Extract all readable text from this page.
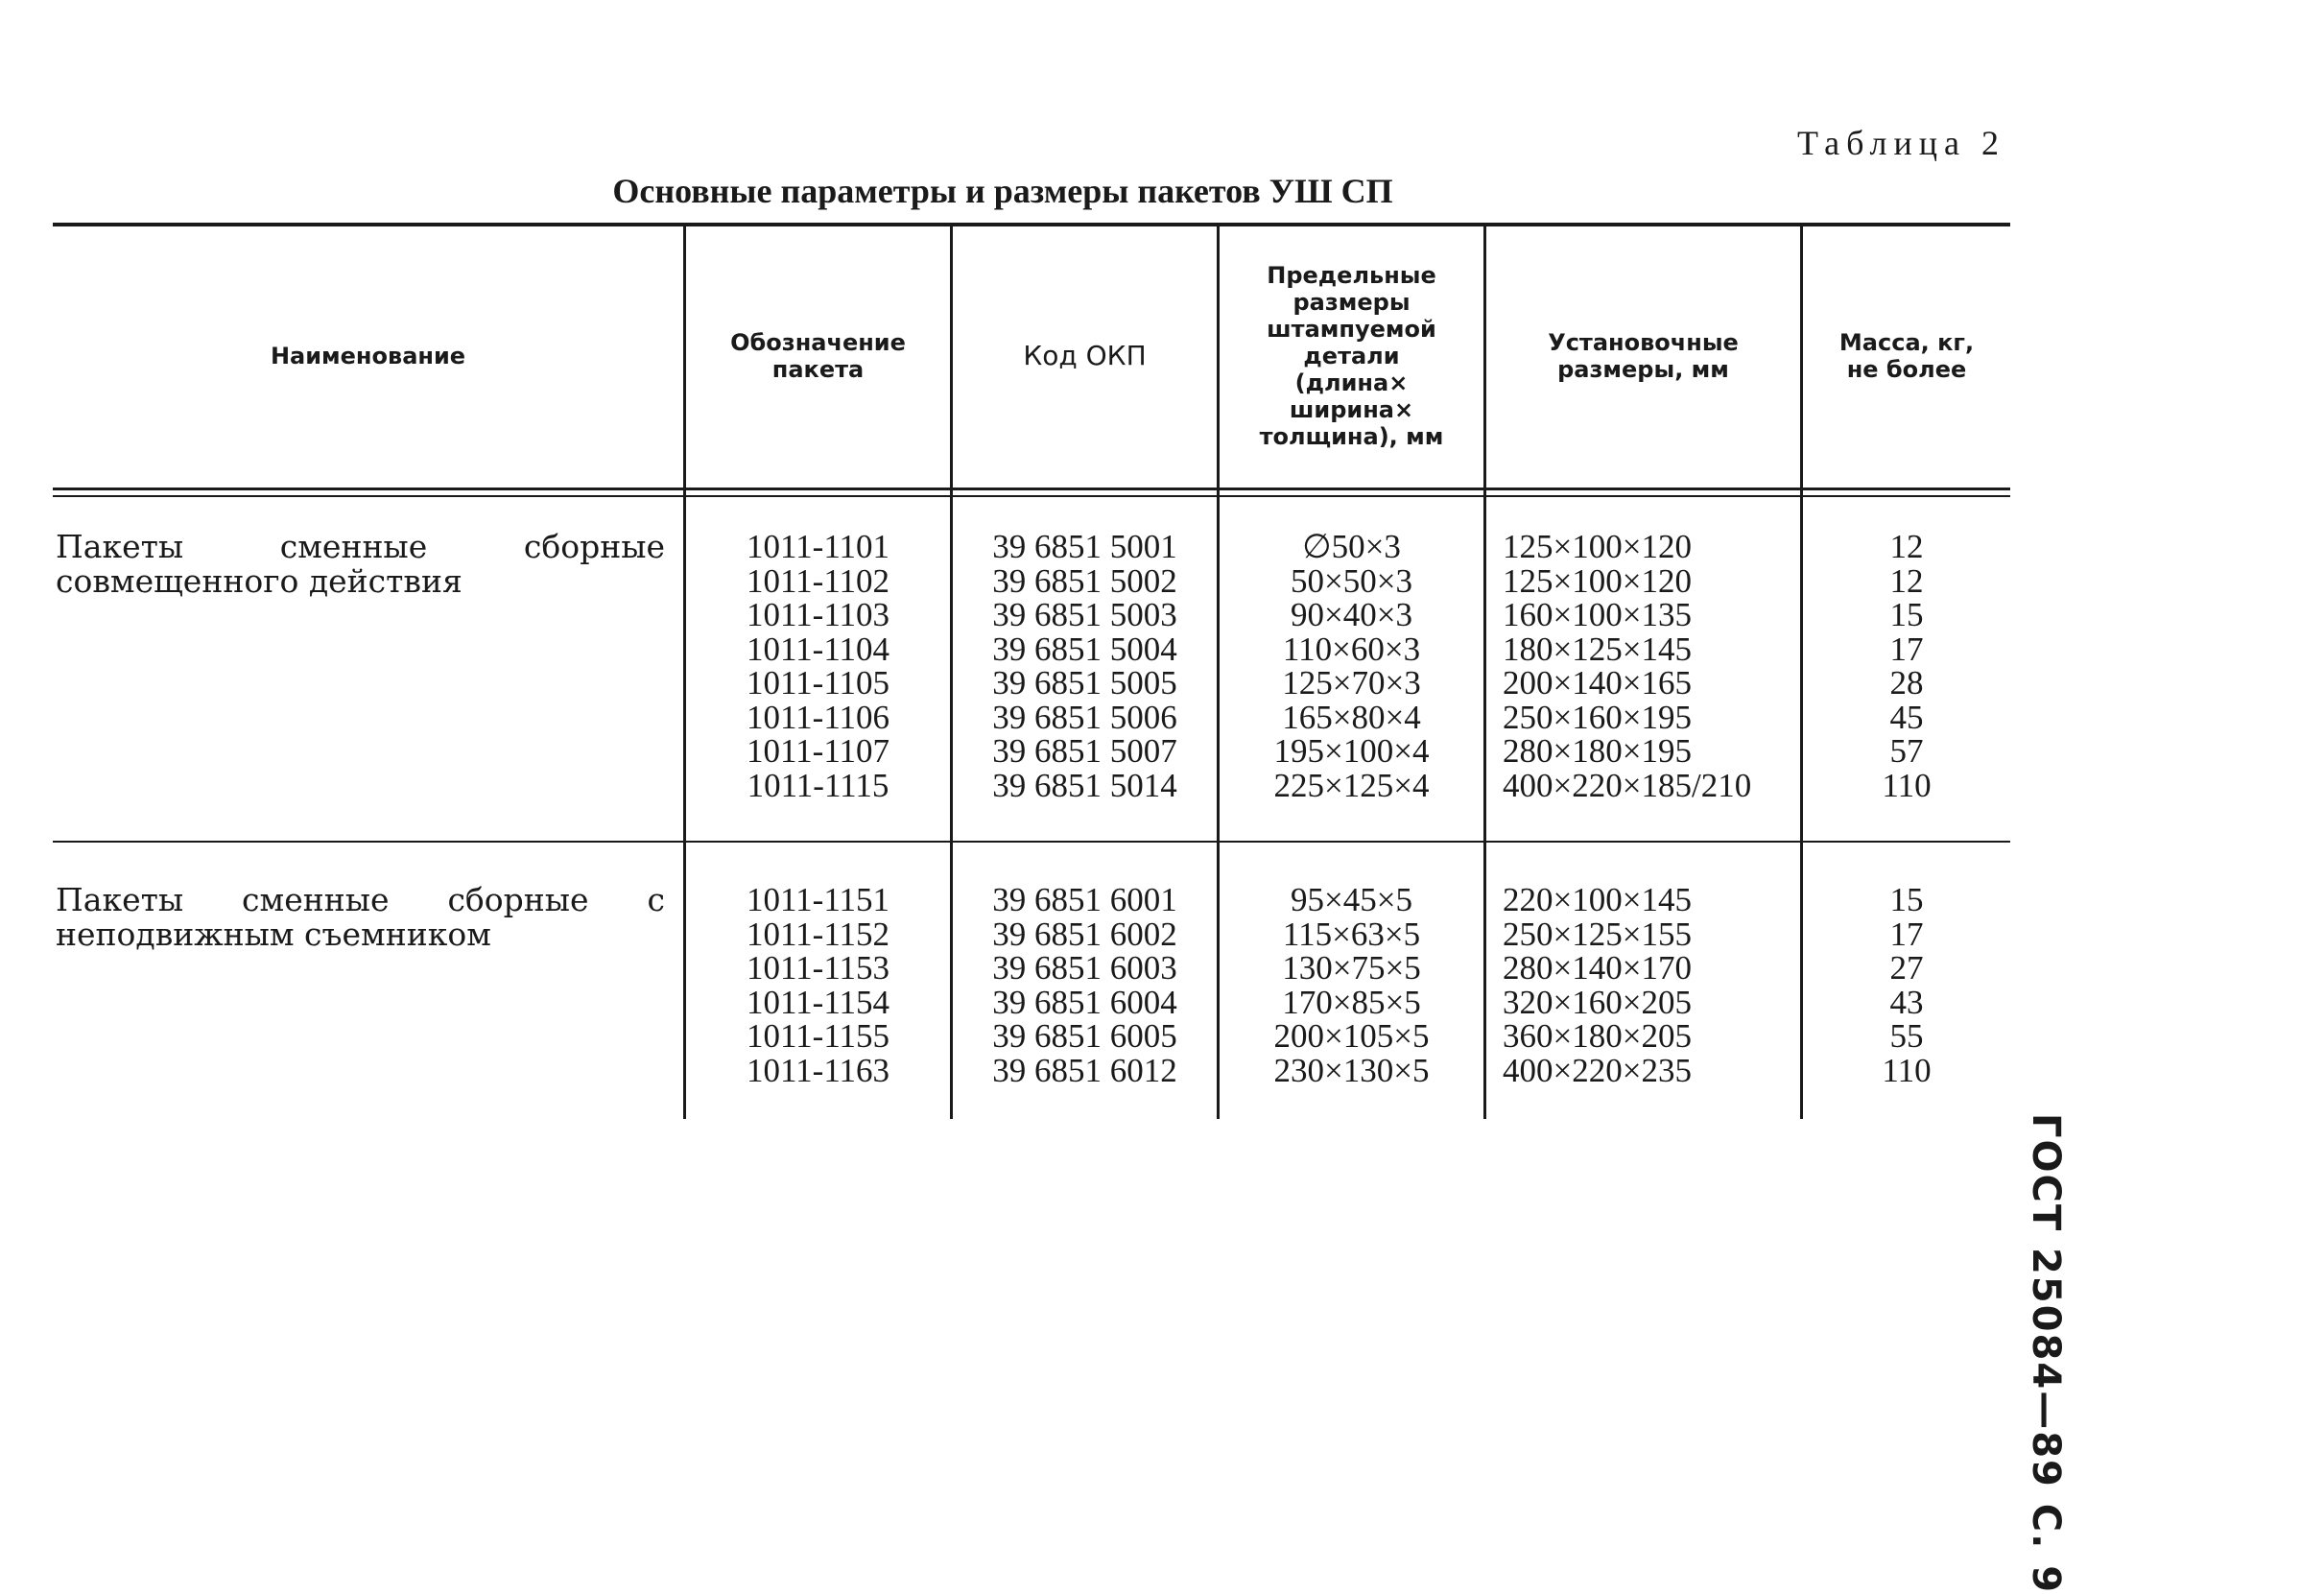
Таблица 2
Основные параметры и размеры пакетов УШ СП
Наименование	Обозначение
пакета	Код ОКП
Предельные
размеры
штампуемой
детали
(длина×
ширина×
толщина), мм
Установочные
размеры, мм
Масса, кг,
не более
Пакеты сменные сборные совмещенного действия
1011-1101
1011-1102
1011-1103
1011-1104
1011-1105
1011-1106
1011-1107
1011-1115
39 6851 5001
39 6851 5002
39 6851 5003
39 6851 5004
39 6851 5005
39 6851 5006
39 6851 5007
39 6851 5014
∅50×3
50×50×3
90×40×3
110×60×3
125×70×3
165×80×4
195×100×4
225×125×4
125×100×120
125×100×120
160×100×135
180×125×145
200×140×165
250×160×195
280×180×195
400×220×185/210
12
12
15
17
28
45
57
110
Пакеты сменные сборные с неподвижным съемником
1011-1151
1011-1152
1011-1153
1011-1154
1011-1155
1011-1163
39 6851 6001
39 6851 6002
39 6851 6003
39 6851 6004
39 6851 6005
39 6851 6012
95×45×5
115×63×5
130×75×5
170×85×5
200×105×5
230×130×5
220×100×145
250×125×155
280×140×170
320×160×205
360×180×205
400×220×235
15
17
27
43
55
110
ГОСТ 25084—89 С. 9
